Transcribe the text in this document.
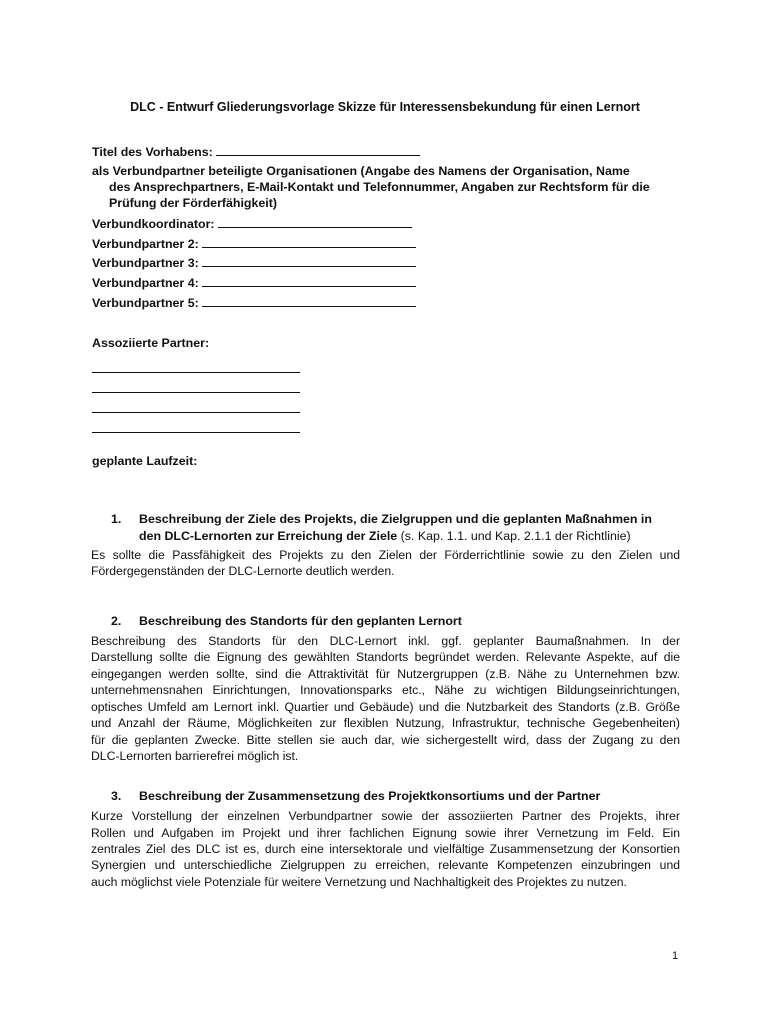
DLC - Entwurf Gliederungsvorlage Skizze für Interessensbekundung für einen Lernort
Titel des Vorhabens:
als Verbundpartner beteiligte Organisationen (Angabe des Namens der Organisation, Name
des Ansprechpartners, E-Mail-Kontakt und Telefonnummer, Angaben zur Rechtsform für die
Prüfung der Förderfähigkeit)
Verbundkoordinator:
Verbundpartner 2:
Verbundpartner 3:
Verbundpartner 4:
Verbundpartner 5:
Assoziierte Partner:
geplante Laufzeit:
1. Beschreibung der Ziele des Projekts, die Zielgruppen und die geplanten Maßnahmen in
den DLC-Lernorten zur Erreichung der Ziele (s. Kap. 1.1. und Kap. 2.1.1 der Richtlinie)
Es sollte die Passfähigkeit des Projekts zu den Zielen der Förderrichtlinie sowie zu den Zielen und
Fördergegenständen der DLC-Lernorte deutlich werden.
2. Beschreibung des Standorts für den geplanten Lernort
Beschreibung des Standorts für den DLC-Lernort inkl. ggf. geplanter Baumaßnahmen. In der
Darstellung sollte die Eignung des gewählten Standorts begründet werden. Relevante Aspekte, auf die
eingegangen werden sollte, sind die Attraktivität für Nutzergruppen (z.B. Nähe zu Unternehmen bzw.
unternehmensnahen Einrichtungen, Innovationsparks etc., Nähe zu wichtigen Bildungseinrichtungen,
optisches Umfeld am Lernort inkl. Quartier und Gebäude) und die Nutzbarkeit des Standorts (z.B. Größe
und Anzahl der Räume, Möglichkeiten zur flexiblen Nutzung, Infrastruktur, technische Gegebenheiten)
für die geplanten Zwecke. Bitte stellen sie auch dar, wie sichergestellt wird, dass der Zugang zu den
DLC-Lernorten barrierefrei möglich ist.
3. Beschreibung der Zusammensetzung des Projektkonsortiums und der Partner
Kurze Vorstellung der einzelnen Verbundpartner sowie der assoziierten Partner des Projekts, ihrer
Rollen und Aufgaben im Projekt und ihrer fachlichen Eignung sowie ihrer Vernetzung im Feld. Ein
zentrales Ziel des DLC ist es, durch eine intersektorale und vielfältige Zusammensetzung der Konsortien
Synergien und unterschiedliche Zielgruppen zu erreichen, relevante Kompetenzen einzubringen und
auch möglichst viele Potenziale für weitere Vernetzung und Nachhaltigkeit des Projektes zu nutzen.
1
